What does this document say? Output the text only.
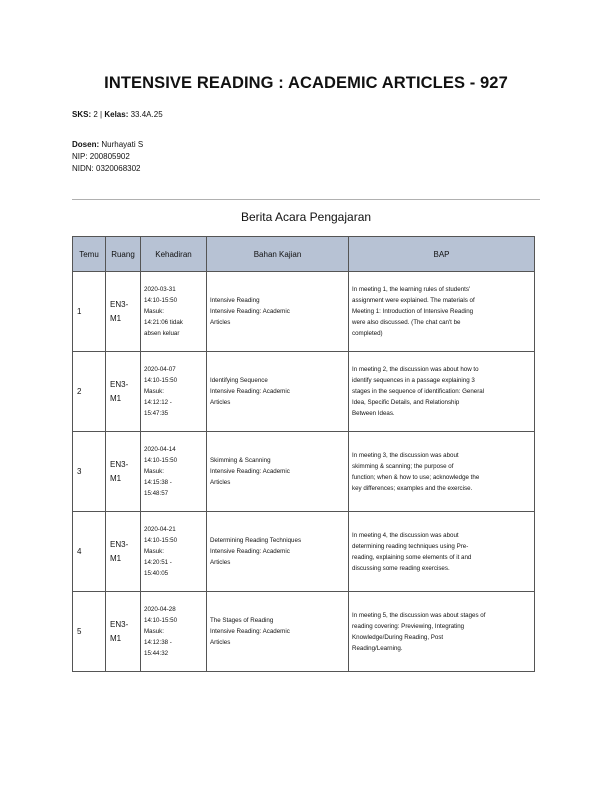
INTENSIVE READING : ACADEMIC ARTICLES - 927
SKS: 2 | Kelas: 33.4A.25
Dosen: Nurhayati S
NIP: 200805902
NIDN: 0320068302
Berita Acara Pengajaran
Temu	Ruang	Kehadiran	Bahan Kajian	BAP
1	EN3-M1	2020-03-31
14:10-15:50
Masuk:
14:21:06 tidak
absen keluar	Intensive Reading
Intensive Reading: Academic
Articles	In meeting 1, the learning rules of students'
assignment were explained. The materials of
Meeting 1: Introduction of Intensive Reading
were also discussed. (The chat can't be
completed)

2	EN3-M1	2020-04-07
14:10-15:50
Masuk:
14:12:12 -
15:47:35	Identifying Sequence
Intensive Reading: Academic
Articles	In meeting 2, the discussion was about how to
identify sequences in a passage explaining 3
stages in the sequence of identification: General
Idea, Specific Details, and Relationship
Between Ideas.

3	EN3-M1	2020-04-14
14:10-15:50
Masuk:
14:15:38 -
15:48:57	Skimming & Scanning
Intensive Reading: Academic
Articles	In meeting 3, the discussion was about
skimming & scanning; the purpose of
function; when & how to use; acknowledge the
key differences; examples and the exercise.

4	EN3-M1	2020-04-21
14:10-15:50
Masuk:
14:20:51 -
15:40:05	Determining Reading Techniques
Intensive Reading: Academic
Articles	In meeting 4, the discussion was about
determining reading techniques using Pre-
reading, explaining some elements of it and
discussing some reading exercises.

5	EN3-M1	2020-04-28
14:10-15:50
Masuk:
14:12:38 -
15:44:32	The Stages of Reading
Intensive Reading: Academic
Articles	In meeting 5, the discussion was about stages of
reading covering: Previewing, Integrating
Knowledge/During Reading, Post
Reading/Learning.
